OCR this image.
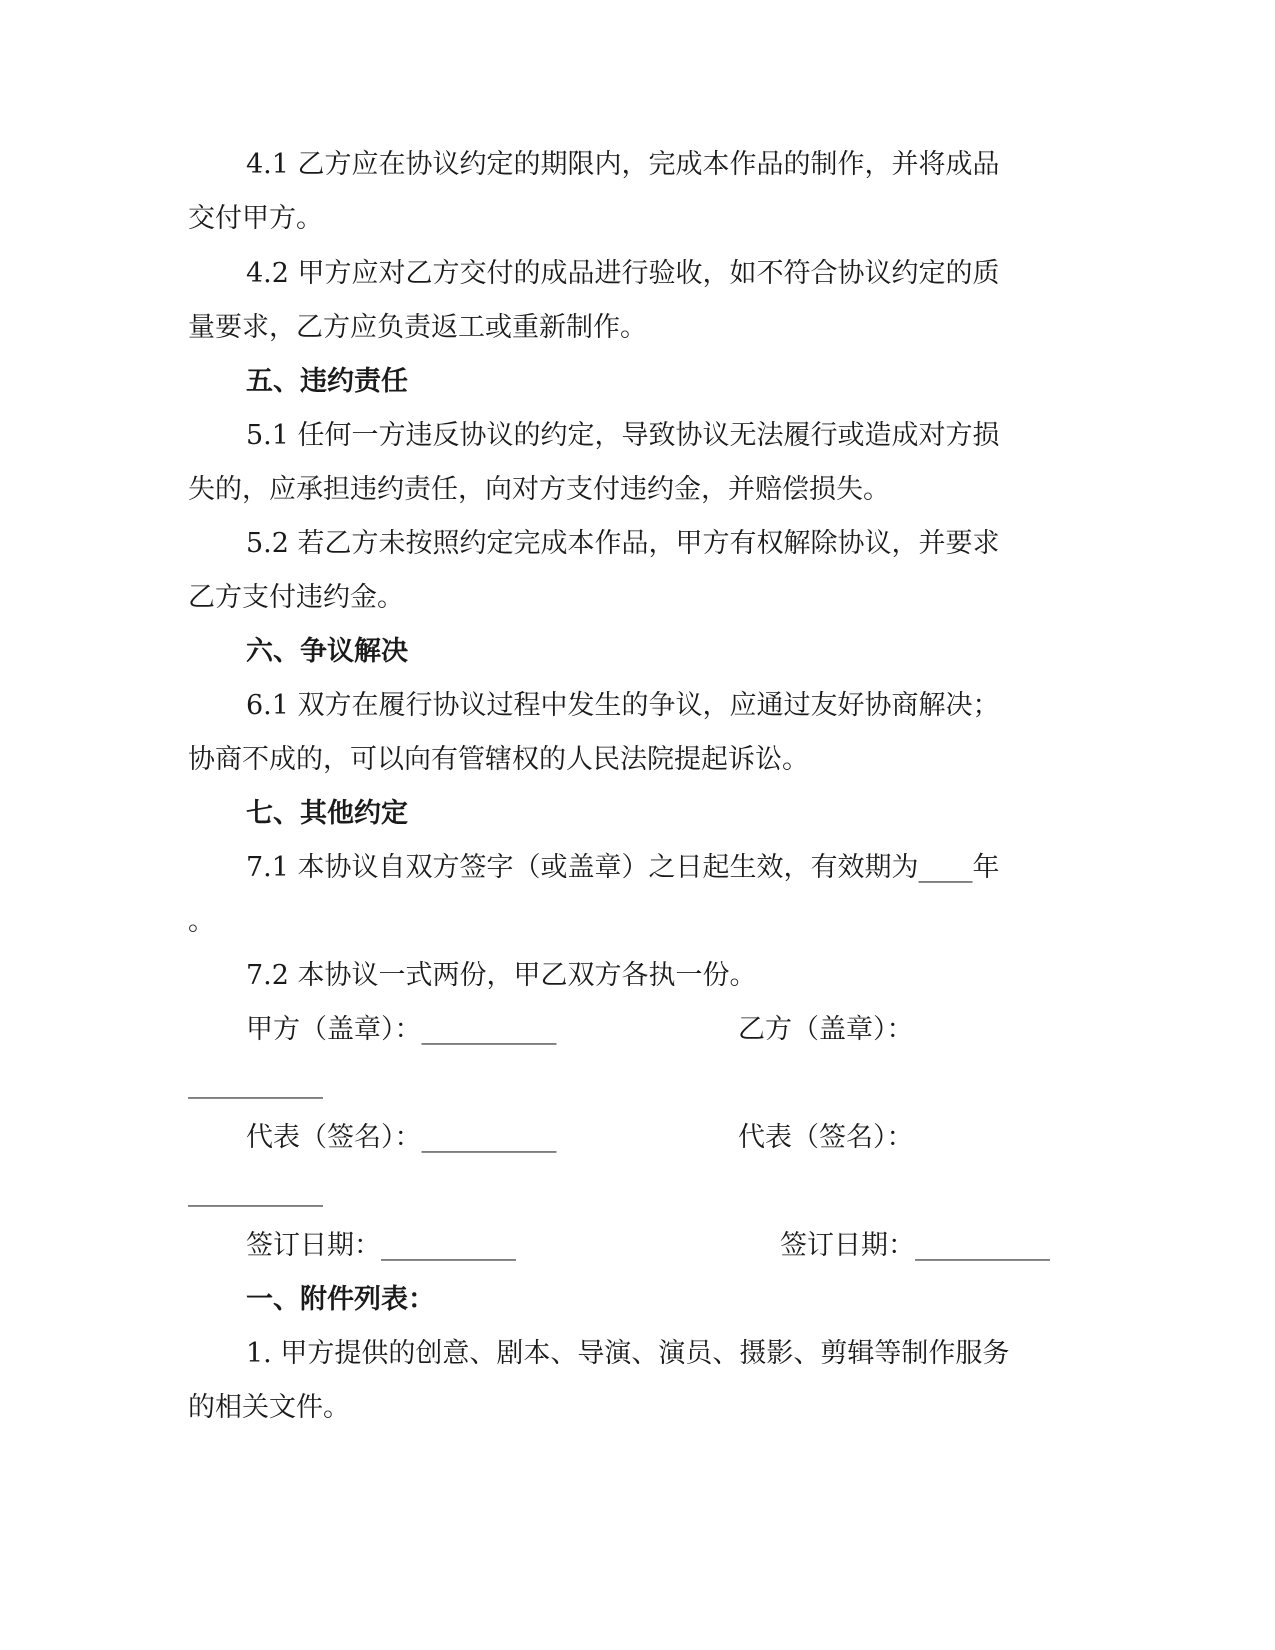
4.1 乙方应在协议约定的期限内，完成本作品的制作，并将成品
交付甲方。
4.2 甲方应对乙方交付的成品进行验收，如不符合协议约定的质
量要求，乙方应负责返工或重新制作。
五、违约责任
5.1 任何一方违反协议的约定，导致协议无法履行或造成对方损
失的，应承担违约责任，向对方支付违约金，并赔偿损失。
5.2 若乙方未按照约定完成本作品，甲方有权解除协议，并要求
乙方支付违约金。
六、争议解决
6.1 双方在履行协议过程中发生的争议，应通过友好协商解决；
协商不成的，可以向有管辖权的人民法院提起诉讼。
七、其他约定
7.1 本协议自双方签字（或盖章）之日起生效，有效期为____年
。
7.2 本协议一式两份，甲乙双方各执一份。
甲方（盖章）：__________	乙方（盖章）：
__________
代表（签名）：__________	代表（签名）：
__________
签订日期：__________	签订日期：__________
一、附件列表：
1. 甲方提供的创意、剧本、导演、演员、摄影、剪辑等制作服务
的相关文件。
